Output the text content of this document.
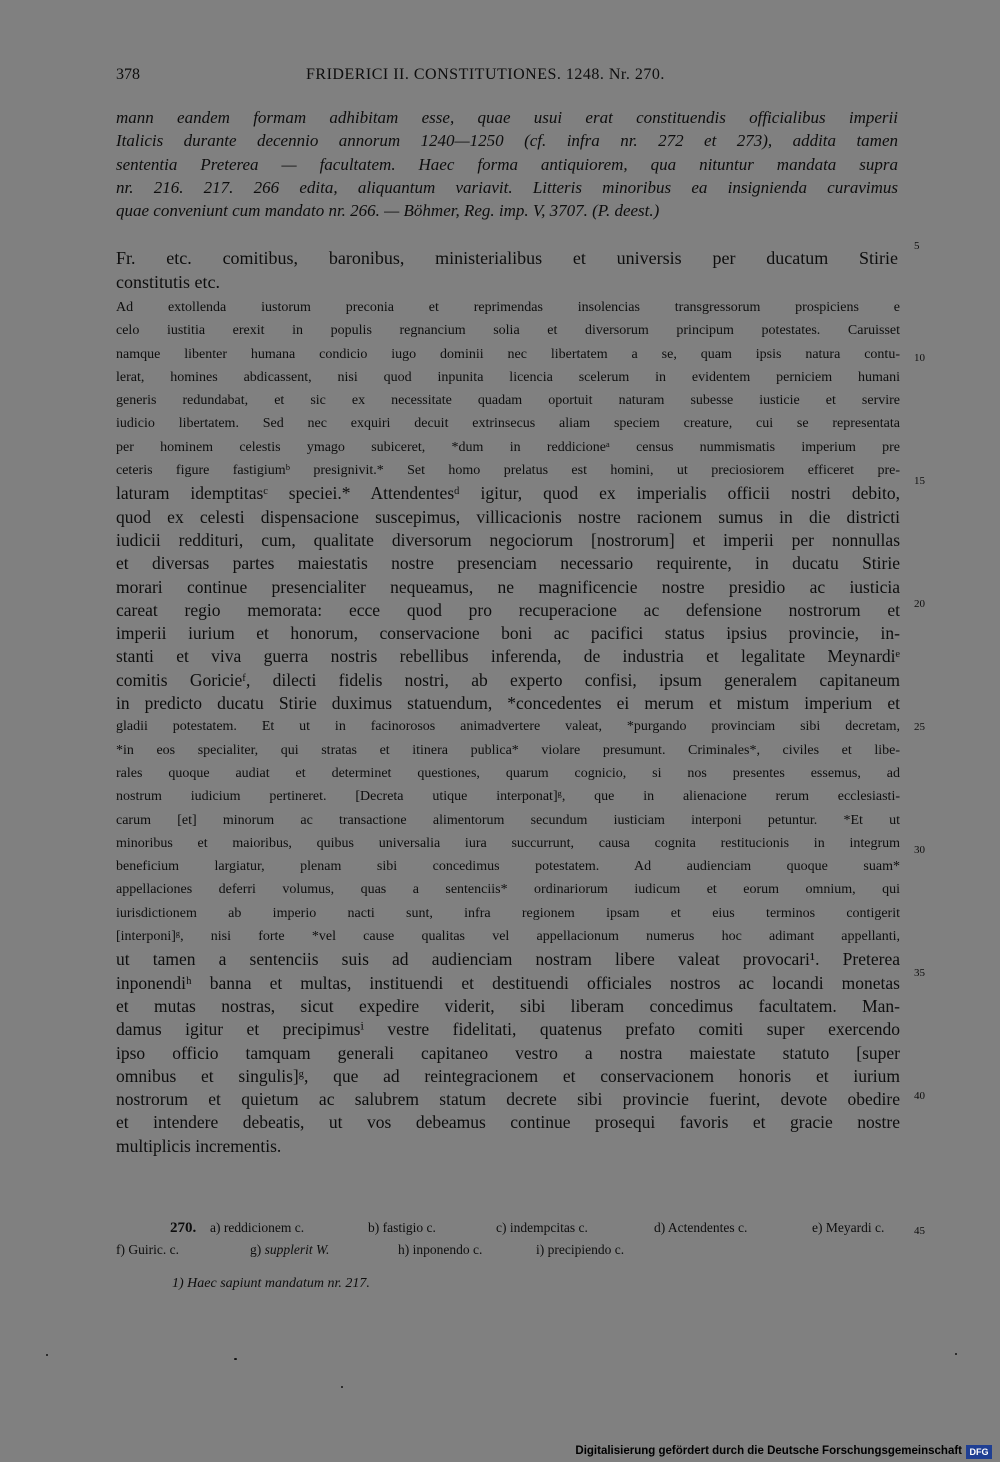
378	FRIDERICI II. CONSTITUTIONES. 1248. Nr. 270.
mann eandem formam adhibitam esse, quae usui erat constituendis officialibus imperii
Italicis durante decennio annorum 1240—1250 (cf. infra nr. 272 et 273), addita tamen
sententia Preterea — facultatem. Haec forma antiquiorem, qua nituntur mandata supra
nr. 216. 217. 266 edita, aliquantum variavit. Litteris minoribus ea insignienda curavimus
quae conveniunt cum mandato nr. 266. — Böhmer, Reg. imp. V, 3707. (P. deest.)
Fr. etc. comitibus, baronibus, ministerialibus et universis per ducatum Stirie
constitutis etc.
Ad extollenda iustorum preconia et reprimendas insolencias transgressorum prospiciens e
celo iustitia erexit in populis regnancium solia et diversorum principum potestates. Caruisset
namque libenter humana condicio iugo dominii nec libertatem a se, quam ipsis natura contu-
lerat, homines abdicassent, nisi quod inpunita licencia scelerum in evidentem perniciem humani
generis redundabat, et sic ex necessitate quadam oportuit naturam subesse iusticie et servire
iudicio libertatem. Sed nec exquiri decuit extrinsecus aliam speciem creature, cui se representata
per hominem celestis ymago subiceret, *dum in reddicioneᵃ census nummismatis imperium pre
ceteris figure fastigiumᵇ presignivit.* Set homo prelatus est homini, ut preciosiorem efficeret pre-
laturam idemptitasᶜ speciei.* Attendentesᵈ igitur, quod ex imperialis officii nostri debito,
quod ex celesti dispensacione suscepimus, villicacionis nostre racionem sumus in die districti
iudicii reddituri, cum, qualitate diversorum negociorum [nostrorum] et imperii per nonnullas
et diversas partes maiestatis nostre presenciam necessario requirente, in ducatu Stirie
morari continue presencialiter nequeamus, ne magnificencie nostre presidio ac iusticia
careat regio memorata: ecce quod pro recuperacione ac defensione nostrorum et
imperii iurium et honorum, conservacione boni ac pacifici status ipsius provincie, in-
stanti et viva guerra nostris rebellibus inferenda, de industria et legalitate Meynardiᵉ
comitis Goricieᶠ, dilecti fidelis nostri, ab experto confisi, ipsum generalem capitaneum
in predicto ducatu Stirie duximus statuendum, *concedentes ei merum et mistum imperium et
gladii potestatem. Et ut in facinorosos animadvertere valeat, *purgando provinciam sibi decretam,
*in eos specialiter, qui stratas et itinera publica* violare presumunt. Criminales*, civiles et libe-
rales quoque audiat et determinet questiones, quarum cognicio, si nos presentes essemus, ad
nostrum iudicium pertineret. [Decreta utique interponat]ᵍ, que in alienacione rerum ecclesiasti-
carum [et] minorum ac transactione alimentorum secundum iusticiam interponi petuntur. *Et ut
minoribus et maioribus, quibus universalia iura succurrunt, causa cognita restitucionis in integrum
beneficium largiatur, plenam sibi concedimus potestatem. Ad audienciam quoque suam*
appellaciones deferri volumus, quas a sentenciis* ordinariorum iudicum et eorum omnium, qui
iurisdictionem ab imperio nacti sunt, infra regionem ipsam et eius terminos contigerit
[interponi]ᵍ, nisi forte *vel cause qualitas vel appellacionum numerus hoc adimant appellanti,
ut tamen a sentenciis suis ad audienciam nostram libere valeat provocari¹. Preterea
inponendiʰ banna et multas, instituendi et destituendi officiales nostros ac locandi monetas
et mutas nostras, sicut expedire viderit, sibi liberam concedimus facultatem. Man-
damus igitur et precipimusⁱ vestre fidelitati, quatenus prefato comiti super exercendo
ipso officio tamquam generali capitaneo vestro a nostra maiestate statuto [super
omnibus et singulis]ᵍ, que ad reintegracionem et conservacionem honoris et iurium
nostrorum et quietum ac salubrem statum decrete sibi provincie fuerint, devote obedire
et intendere debeatis, ut vos debeamus continue prosequi favoris et gracie nostre
multiplicis incrementis.
5
10
15
20
25
30
35
40
45
270. a) reddicionem c.	b) fastigio c.	c) indempcitas c.	d) Actendentes c.	e) Meyardi c.
f) Guiric. c.	g) supplerit W.	h) inponendo c.	i) precipiendo c.
1) Haec sapiunt mandatum nr. 217.
Digitalisierung gefördert durch die Deutsche Forschungsgemeinschaft DFG
